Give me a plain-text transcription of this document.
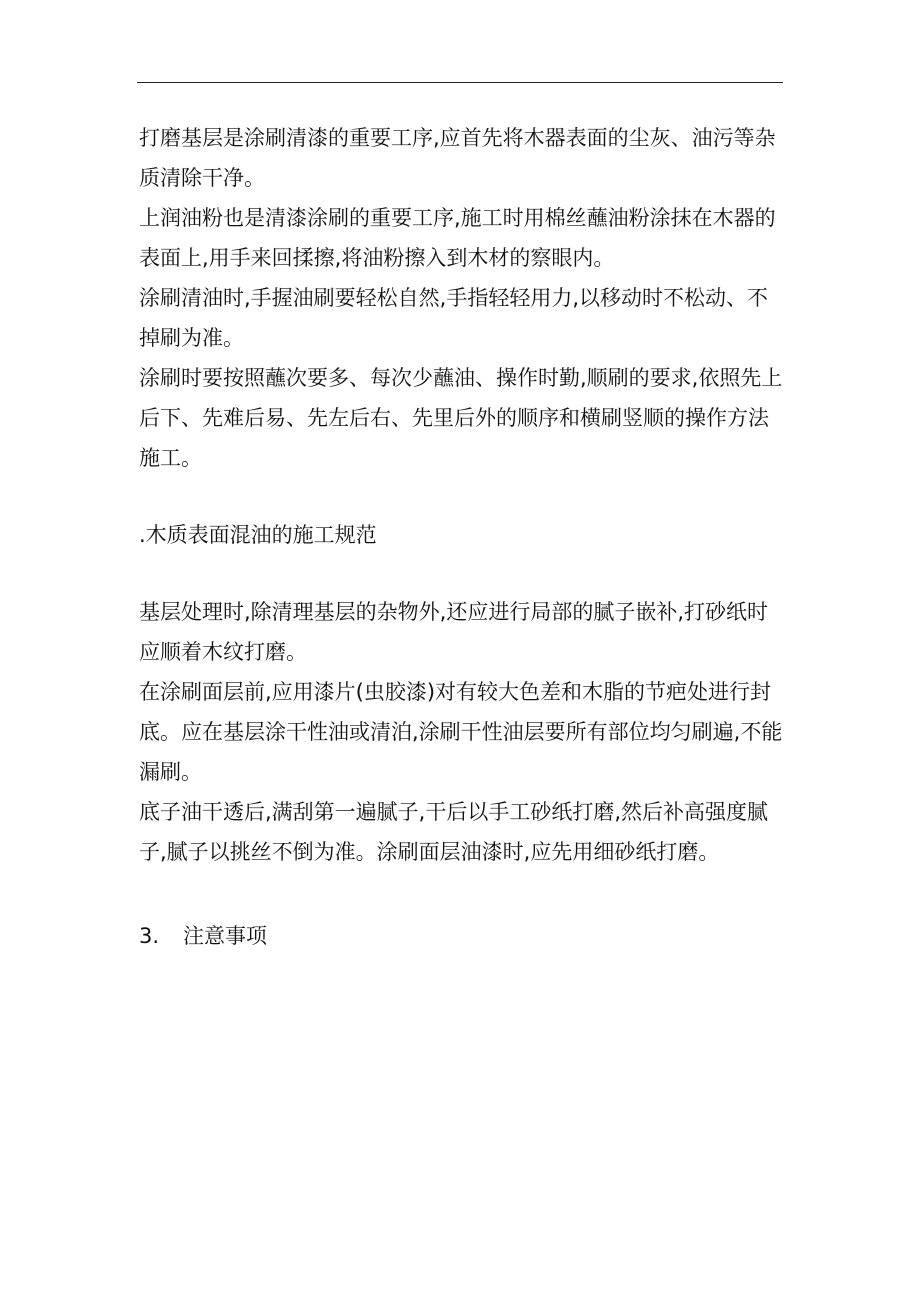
打磨基层是涂刷清漆的重要工序,应首先将木器表面的尘灰、油污等杂质清除干净。

上润油粉也是清漆涂刷的重要工序,施工时用棉丝蘸油粉涂抹在木器的表面上,用手来回揉擦,将油粉擦入到木材的察眼内。

涂刷清油时,手握油刷要轻松自然,手指轻轻用力,以移动时不松动、不掉刷为准。

涂刷时要按照蘸次要多、每次少蘸油、操作时勤,顺刷的要求,依照先上后下、先难后易、先左后右、先里后外的顺序和横刷竖顺的操作方法施工。

.木质表面混油的施工规范

基层处理时,除清理基层的杂物外,还应进行局部的腻子嵌补,打砂纸时应顺着木纹打磨。

在涂刷面层前,应用漆片(虫胶漆)对有较大色差和木脂的节疤处进行封底。应在基层涂干性油或清泊,涂刷干性油层要所有部位均匀刷遍,不能漏刷。

底子油干透后,满刮第一遍腻子,干后以手工砂纸打磨,然后补高强度腻子,腻子以挑丝不倒为准。涂刷面层油漆时,应先用细砂纸打磨。

3. 注意事项
